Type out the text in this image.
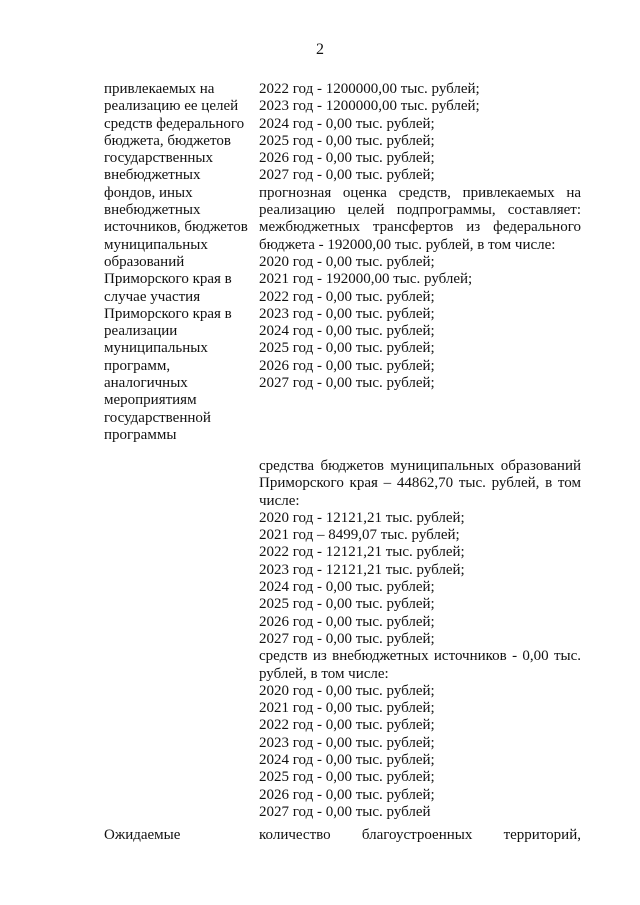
2
привлекаемых на
реализацию ее целей
средств федерального
бюджета, бюджетов
государственных
внебюджетных
фондов, иных
внебюджетных
источников, бюджетов
муниципальных
образований
Приморского края в
случае участия
Приморского края в
реализации
муниципальных
программ,
аналогичных
мероприятиям
государственной
программы
2022 год - 1200000,00 тыс. рублей;
2023 год - 1200000,00 тыс. рублей;
2024 год - 0,00 тыс. рублей;
2025 год - 0,00 тыс. рублей;
2026 год - 0,00 тыс. рублей;
2027 год - 0,00 тыс. рублей;
прогнозная оценка средств, привлекаемых на реализацию целей подпрограммы, составляет: межбюджетных трансфертов из федерального бюджета - 192000,00 тыс. рублей, в том числе:
2020 год - 0,00 тыс. рублей;
2021 год - 192000,00 тыс. рублей;
2022 год - 0,00 тыс. рублей;
2023 год - 0,00 тыс. рублей;
2024 год - 0,00 тыс. рублей;
2025 год - 0,00 тыс. рублей;
2026 год - 0,00 тыс. рублей;
2027 год - 0,00 тыс. рублей;
средства бюджетов муниципальных образований Приморского края – 44862,70 тыс. рублей, в том числе:
2020 год - 12121,21 тыс. рублей;
2021 год – 8499,07 тыс. рублей;
2022 год - 12121,21 тыс. рублей;
2023 год - 12121,21 тыс. рублей;
2024 год - 0,00 тыс. рублей;
2025 год - 0,00 тыс. рублей;
2026 год - 0,00 тыс. рублей;
2027 год - 0,00 тыс. рублей;
средств из внебюджетных источников - 0,00 тыс. рублей, в том числе:
2020 год - 0,00 тыс. рублей;
2021 год - 0,00 тыс. рублей;
2022 год - 0,00 тыс. рублей;
2023 год - 0,00 тыс. рублей;
2024 год - 0,00 тыс. рублей;
2025 год - 0,00 тыс. рублей;
2026 год - 0,00 тыс. рублей;
2027 год - 0,00 тыс. рублей
Ожидаемые	количество благоустроенных территорий,
